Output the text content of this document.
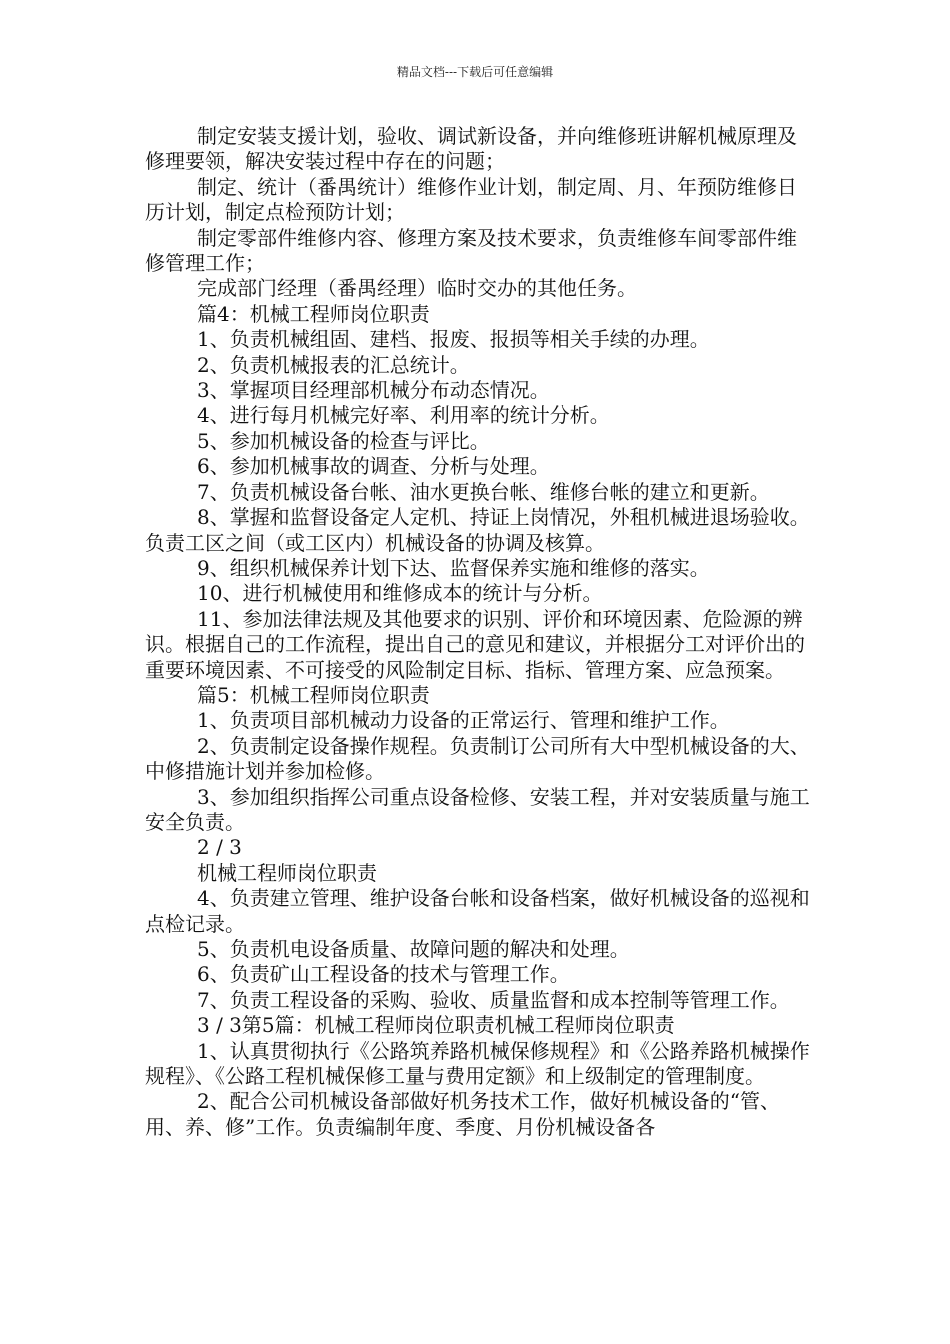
精品文档---下载后可任意编辑

制定安装支援计划，验收、调试新设备，并向维修班讲解机械原理及修理要领，解决安装过程中存在的问题；

制定、统计（番禺统计）维修作业计划，制定周、月、年预防维修日历计划，制定点检预防计划；

制定零部件维修内容、修理方案及技术要求，负责维修车间零部件维修管理工作；

完成部门经理（番禺经理）临时交办的其他任务。

篇4：机械工程师岗位职责

1、负责机械组固、建档、报废、报损等相关手续的办理。

2、负责机械报表的汇总统计。

3、掌握项目经理部机械分布动态情况。

4、进行每月机械完好率、利用率的统计分析。

5、参加机械设备的检查与评比。

6、参加机械事故的调查、分析与处理。

7、负责机械设备台帐、油水更换台帐、维修台帐的建立和更新。

8、掌握和监督设备定人定机、持证上岗情况，外租机械进退场验收。负责工区之间（或工区内）机械设备的协调及核算。

9、组织机械保养计划下达、监督保养实施和维修的落实。

10、进行机械使用和维修成本的统计与分析。

11、参加法律法规及其他要求的识别、评价和环境因素、危险源的辨识。根据自己的工作流程，提出自己的意见和建议，并根据分工对评价出的重要环境因素、不可接受的风险制定目标、指标、管理方案、应急预案。

篇5：机械工程师岗位职责

1、负责项目部机械动力设备的正常运行、管理和维护工作。

2、负责制定设备操作规程。负责制订公司所有大中型机械设备的大、中修措施计划并参加检修。

3、参加组织指挥公司重点设备检修、安装工程，并对安装质量与施工安全负责。

2 / 3

机械工程师岗位职责

4、负责建立管理、维护设备台帐和设备档案，做好机械设备的巡视和点检记录。

5、负责机电设备质量、故障问题的解决和处理。

6、负责矿山工程设备的技术与管理工作。

7、负责工程设备的采购、验收、质量监督和成本控制等管理工作。

3 / 3第5篇：机械工程师岗位职责机械工程师岗位职责

1、认真贯彻执行《公路筑养路机械保修规程》和《公路养路机械操作规程》、《公路工程机械保修工量与费用定额》和上级制定的管理制度。

2、配合公司机械设备部做好机务技术工作，做好机械设备的“管、用、养、修”工作。负责编制年度、季度、月份机械设备各
